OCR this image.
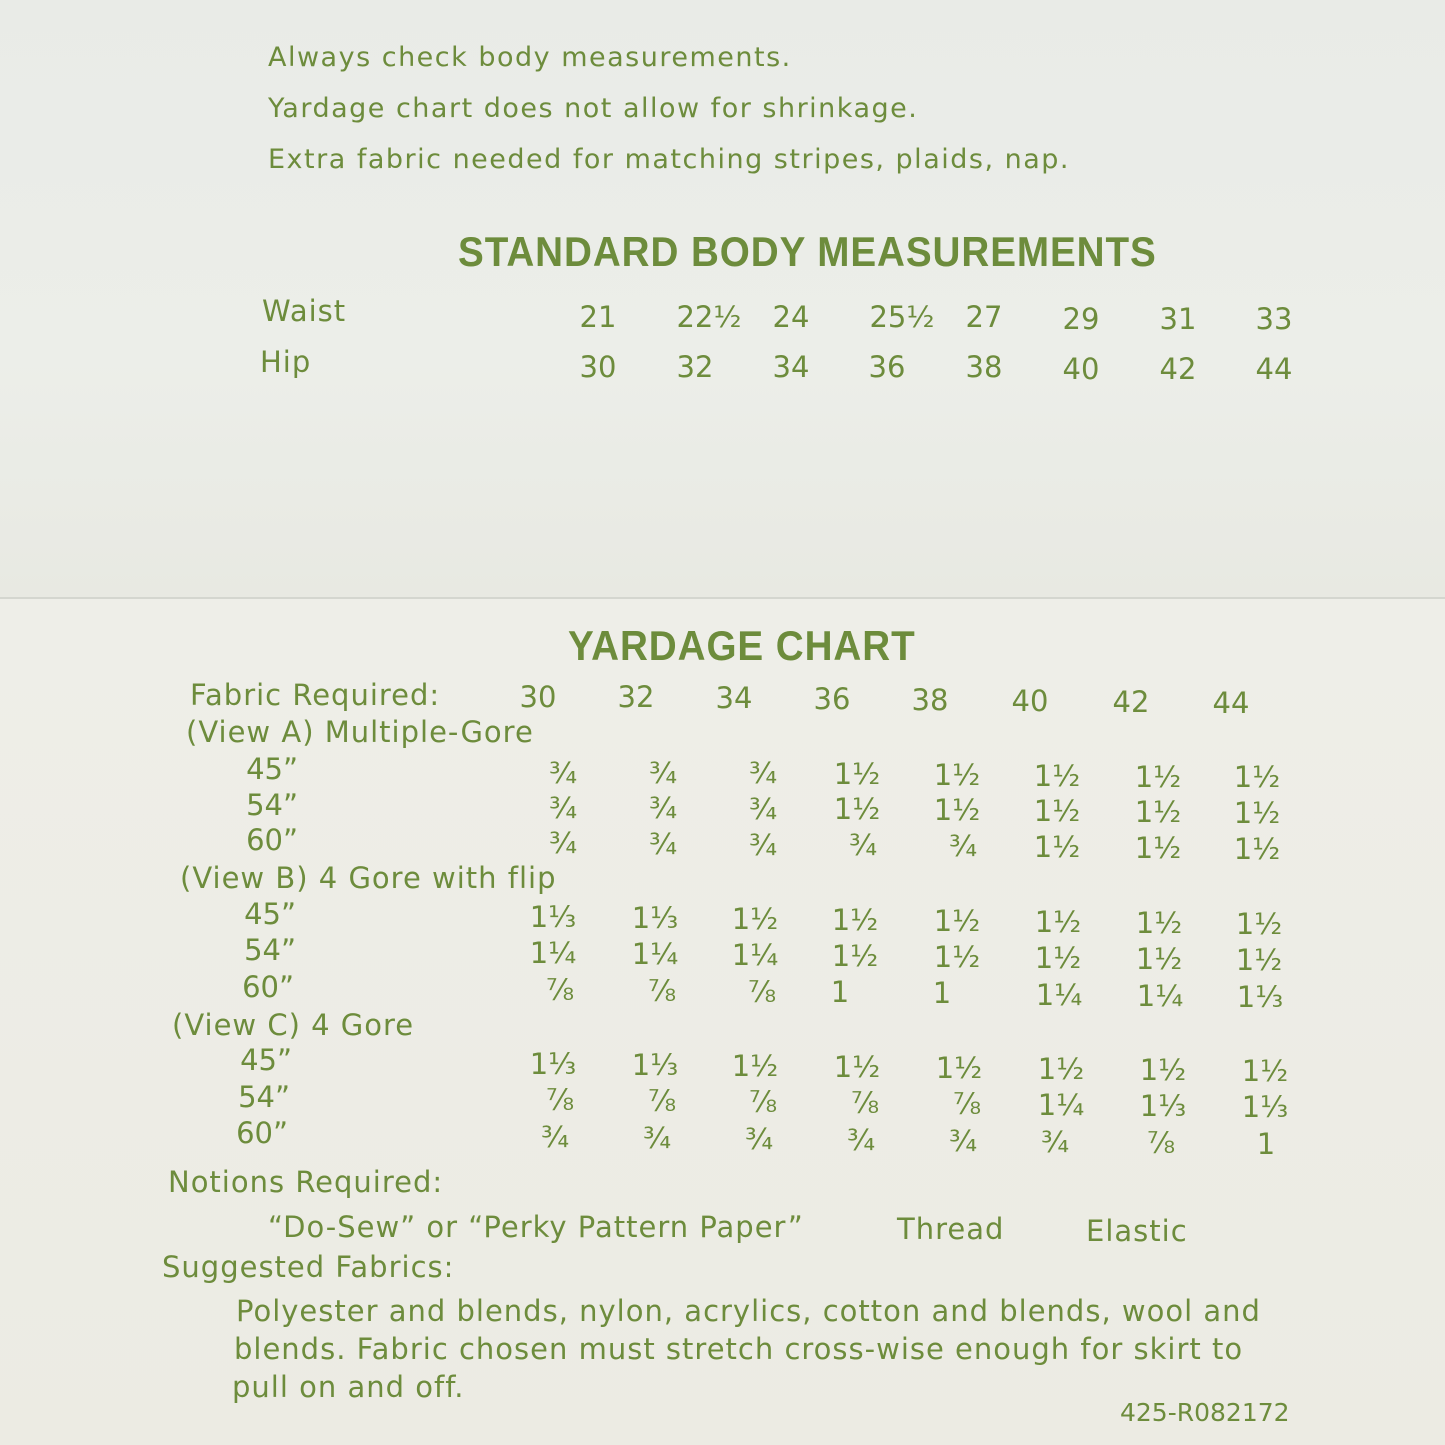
Always check body measurements.
Yardage chart does not allow for shrinkage.
Extra fabric needed for matching stripes, plaids, nap.
STANDARD BODY MEASUREMENTS
Waist	21	22½	24	25½	27	29	31	33
Hip	30	32	34	36	38	40	42	44
YARDAGE CHART
Fabric Required:	30	32	34	36	38	40	42	44
(View A) Multiple-Gore
45”	¾	¾	¾	1½	1½	1½	1½	1½
54”	¾	¾	¾	1½	1½	1½	1½	1½
60”	¾	¾	¾	¾	¾	1½	1½	1½
(View B) 4 Gore with flip
45”	1⅓	1⅓	1½	1½	1½	1½	1½	1½
54”	1¼	1¼	1¼	1½	1½	1½	1½	1½
60”	⅞	⅞	⅞	1	1	1¼	1¼	1⅓
(View C) 4 Gore
45”	1⅓	1⅓	1½	1½	1½	1½	1½	1½
54”	⅞	⅞	⅞	⅞	⅞	1¼	1⅓	1⅓
60”	¾	¾	¾	¾	¾	¾	⅞	1
Notions Required:
“Do-Sew” or “Perky Pattern Paper”	Thread	Elastic
Suggested Fabrics:
Polyester and blends, nylon, acrylics, cotton and blends, wool and
blends. Fabric chosen must stretch cross-wise enough for skirt to
pull on and off.
425-R082172
